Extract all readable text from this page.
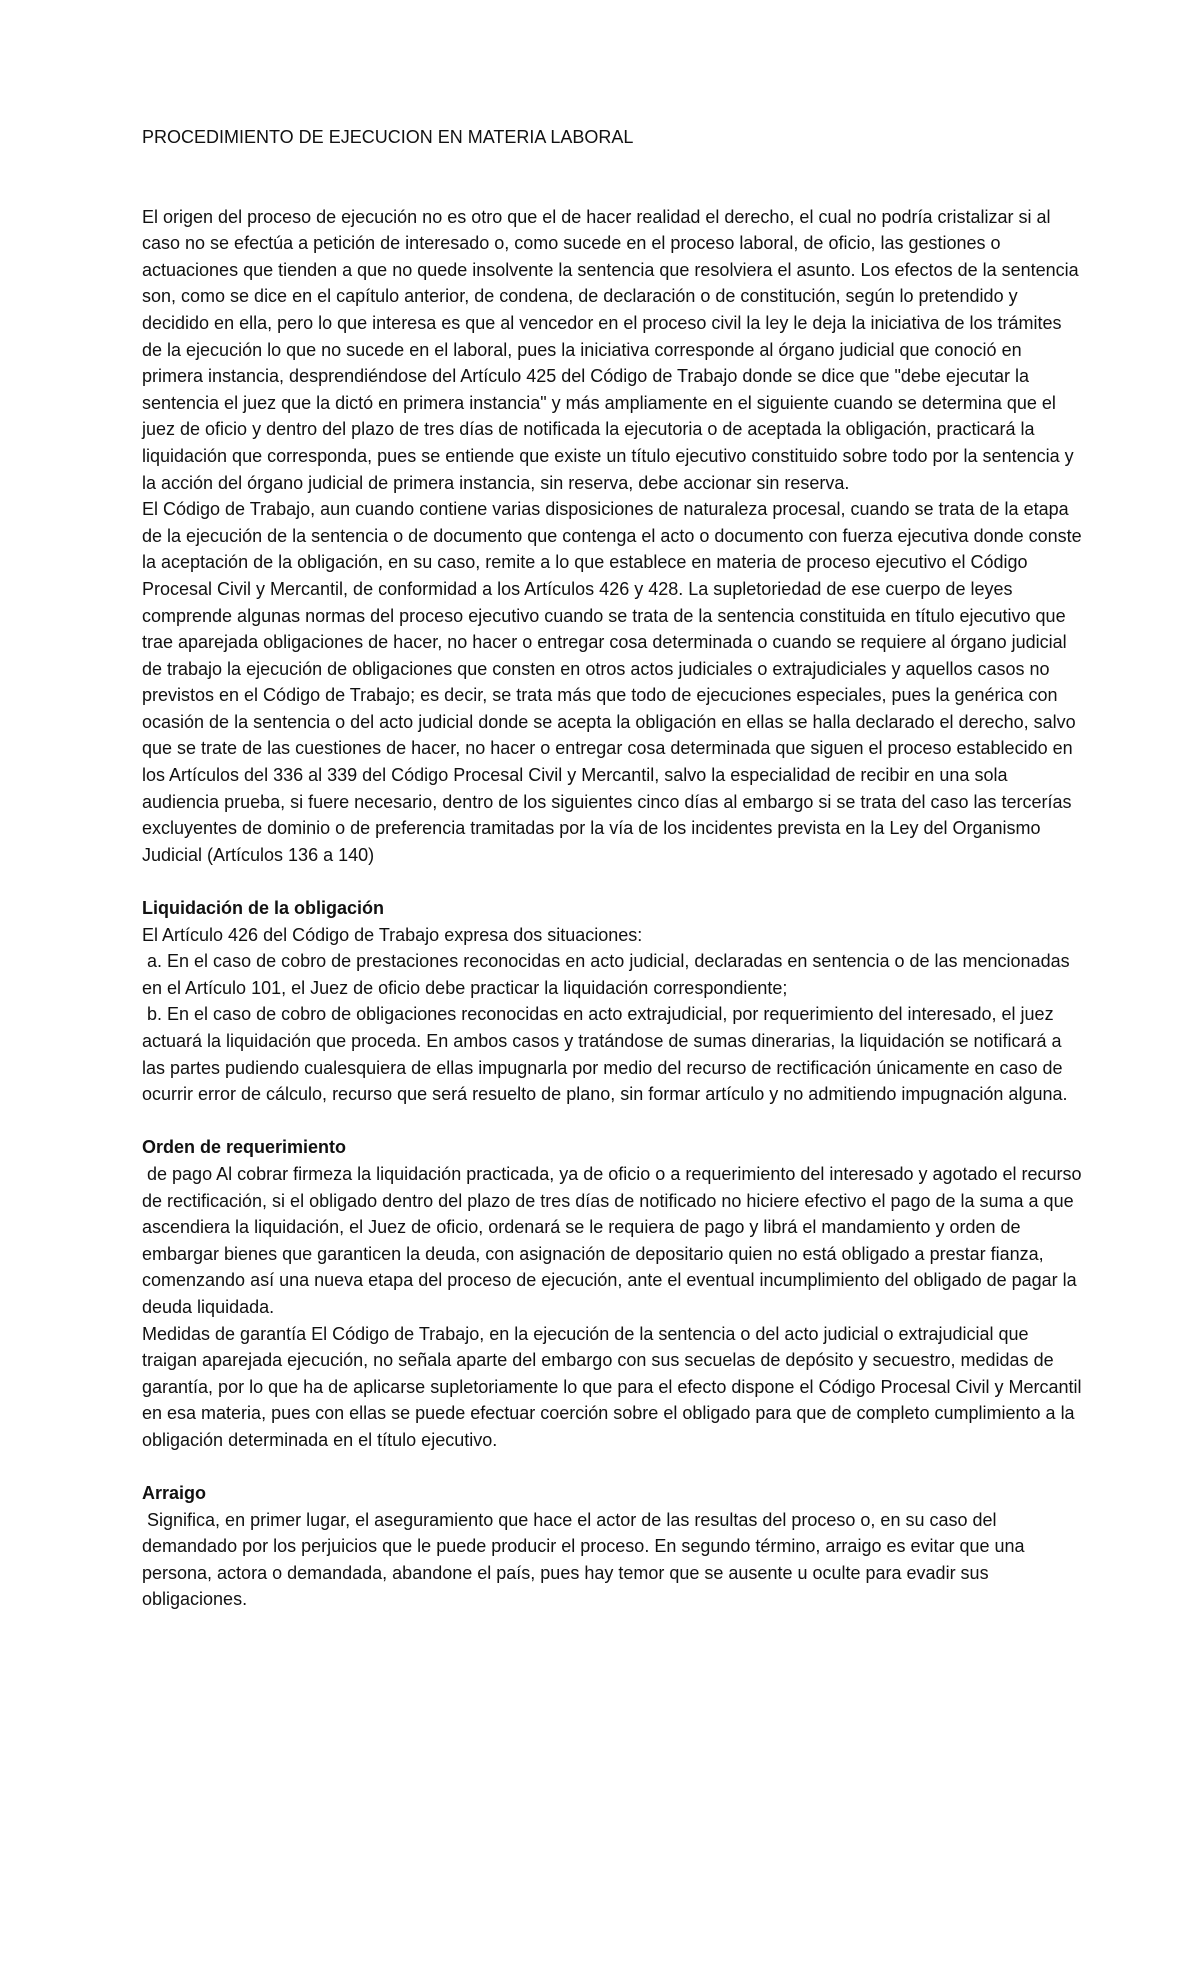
PROCEDIMIENTO DE EJECUCION EN MATERIA LABORAL

El origen del proceso de ejecución no es otro que el de hacer realidad el derecho, el cual no podría cristalizar si al caso no se efectúa a petición de interesado o, como sucede en el proceso laboral, de oficio, las gestiones o actuaciones que tienden a que no quede insolvente la sentencia que resolviera el asunto. Los efectos de la sentencia son, como se dice en el capítulo anterior, de condena, de declaración o de constitución, según lo pretendido y decidido en ella, pero lo que interesa es que al vencedor en el proceso civil la ley le deja la iniciativa de los trámites de la ejecución lo que no sucede en el laboral, pues la iniciativa corresponde al órgano judicial que conoció en primera instancia, desprendiéndose del Artículo 425 del Código de Trabajo donde se dice que "debe ejecutar la sentencia el juez que la dictó en primera instancia" y más ampliamente en el siguiente cuando se determina que el juez de oficio y dentro del plazo de tres días de notificada la ejecutoria o de aceptada la obligación, practicará la liquidación que corresponda, pues se entiende que existe un título ejecutivo constituido sobre todo por la sentencia y la acción del órgano judicial de primera instancia, sin reserva, debe accionar sin reserva.

El Código de Trabajo, aun cuando contiene varias disposiciones de naturaleza procesal, cuando se trata de la etapa de la ejecución de la sentencia o de documento que contenga el acto o documento con fuerza ejecutiva donde conste la aceptación de la obligación, en su caso, remite a lo que establece en materia de proceso ejecutivo el Código Procesal Civil y Mercantil, de conformidad a los Artículos 426 y 428. La supletoriedad de ese cuerpo de leyes comprende algunas normas del proceso ejecutivo cuando se trata de la sentencia constituida en título ejecutivo que trae aparejada obligaciones de hacer, no hacer o entregar cosa determinada o cuando se requiere al órgano judicial de trabajo la ejecución de obligaciones que consten en otros actos judiciales o extrajudiciales y aquellos casos no previstos en el Código de Trabajo; es decir, se trata más que todo de ejecuciones especiales, pues la genérica con ocasión de la sentencia o del acto judicial donde se acepta la obligación en ellas se halla declarado el derecho, salvo que se trate de las cuestiones de hacer, no hacer o entregar cosa determinada que siguen el proceso establecido en los Artículos del 336 al 339 del Código Procesal Civil y Mercantil, salvo la especialidad de recibir en una sola audiencia prueba, si fuere necesario, dentro de los siguientes cinco días al embargo si se trata del caso las tercerías excluyentes de dominio o de preferencia tramitadas por la vía de los incidentes prevista en la Ley del Organismo Judicial (Artículos 136 a 140)

Liquidación de la obligación

El Artículo 426 del Código de Trabajo expresa dos situaciones:

a. En el caso de cobro de prestaciones reconocidas en acto judicial, declaradas en sentencia o de las mencionadas en el Artículo 101, el Juez de oficio debe practicar la liquidación correspondiente;

b. En el caso de cobro de obligaciones reconocidas en acto extrajudicial, por requerimiento del interesado, el juez actuará la liquidación que proceda. En ambos casos y tratándose de sumas dinerarias, la liquidación se notificará a las partes pudiendo cualesquiera de ellas impugnarla por medio del recurso de rectificación únicamente en caso de ocurrir error de cálculo, recurso que será resuelto de plano, sin formar artículo y no admitiendo impugnación alguna.

Orden de requerimiento

de pago Al cobrar firmeza la liquidación practicada, ya de oficio o a requerimiento del interesado y agotado el recurso de rectificación, si el obligado dentro del plazo de tres días de notificado no hiciere efectivo el pago de la suma a que ascendiera la liquidación, el Juez de oficio, ordenará se le requiera de pago y librá el mandamiento y orden de embargar bienes que garanticen la deuda, con asignación de depositario quien no está obligado a prestar fianza, comenzando así una nueva etapa del proceso de ejecución, ante el eventual incumplimiento del obligado de pagar la deuda liquidada.

Medidas de garantía El Código de Trabajo, en la ejecución de la sentencia o del acto judicial o extrajudicial que traigan aparejada ejecución, no señala aparte del embargo con sus secuelas de depósito y secuestro, medidas de garantía, por lo que ha de aplicarse supletoriamente lo que para el efecto dispone el Código Procesal Civil y Mercantil en esa materia, pues con ellas se puede efectuar coerción sobre el obligado para que de completo cumplimiento a la obligación determinada en el título ejecutivo.

Arraigo

Significa, en primer lugar, el aseguramiento que hace el actor de las resultas del proceso o, en su caso del demandado por los perjuicios que le puede producir el proceso. En segundo término, arraigo es evitar que una persona, actora o demandada, abandone el país, pues hay temor que se ausente u oculte para evadir sus obligaciones.
